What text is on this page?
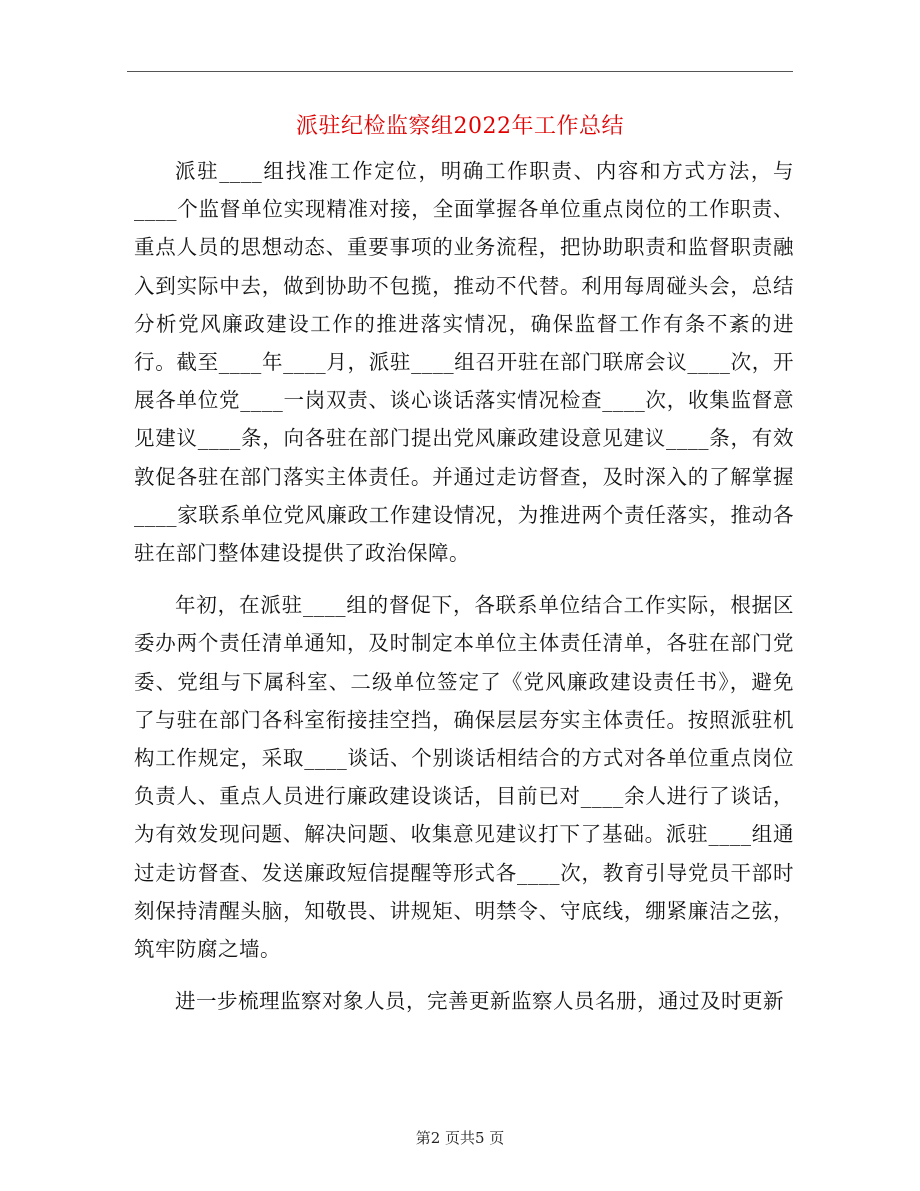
派驻纪检监察组2022年工作总结

派驻____组找准工作定位，明确工作职责、内容和方式方法，与____个监督单位实现精准对接，全面掌握各单位重点岗位的工作职责、重点人员的思想动态、重要事项的业务流程，把协助职责和监督职责融入到实际中去，做到协助不包揽，推动不代替。利用每周碰头会，总结分析党风廉政建设工作的推进落实情况，确保监督工作有条不紊的进行。截至____年____月，派驻____组召开驻在部门联席会议____次，开展各单位党____一岗双责、谈心谈话落实情况检查____次，收集监督意见建议____条，向各驻在部门提出党风廉政建设意见建议____条，有效敦促各驻在部门落实主体责任。并通过走访督查，及时深入的了解掌握____家联系单位党风廉政工作建设情况，为推进两个责任落实，推动各驻在部门整体建设提供了政治保障。

年初，在派驻____组的督促下，各联系单位结合工作实际，根据区委办两个责任清单通知，及时制定本单位主体责任清单，各驻在部门党委、党组与下属科室、二级单位签定了《党风廉政建设责任书》，避免了与驻在部门各科室衔接挂空挡，确保层层夯实主体责任。按照派驻机构工作规定，采取____谈话、个别谈话相结合的方式对各单位重点岗位负责人、重点人员进行廉政建设谈话，目前已对____余人进行了谈话，为有效发现问题、解决问题、收集意见建议打下了基础。派驻____组通过走访督查、发送廉政短信提醒等形式各____次，教育引导党员干部时刻保持清醒头脑，知敬畏、讲规矩、明禁令、守底线，绷紧廉洁之弦，筑牢防腐之墙。

进一步梳理监察对象人员，完善更新监察人员名册，通过及时更新

第2 页共5 页
